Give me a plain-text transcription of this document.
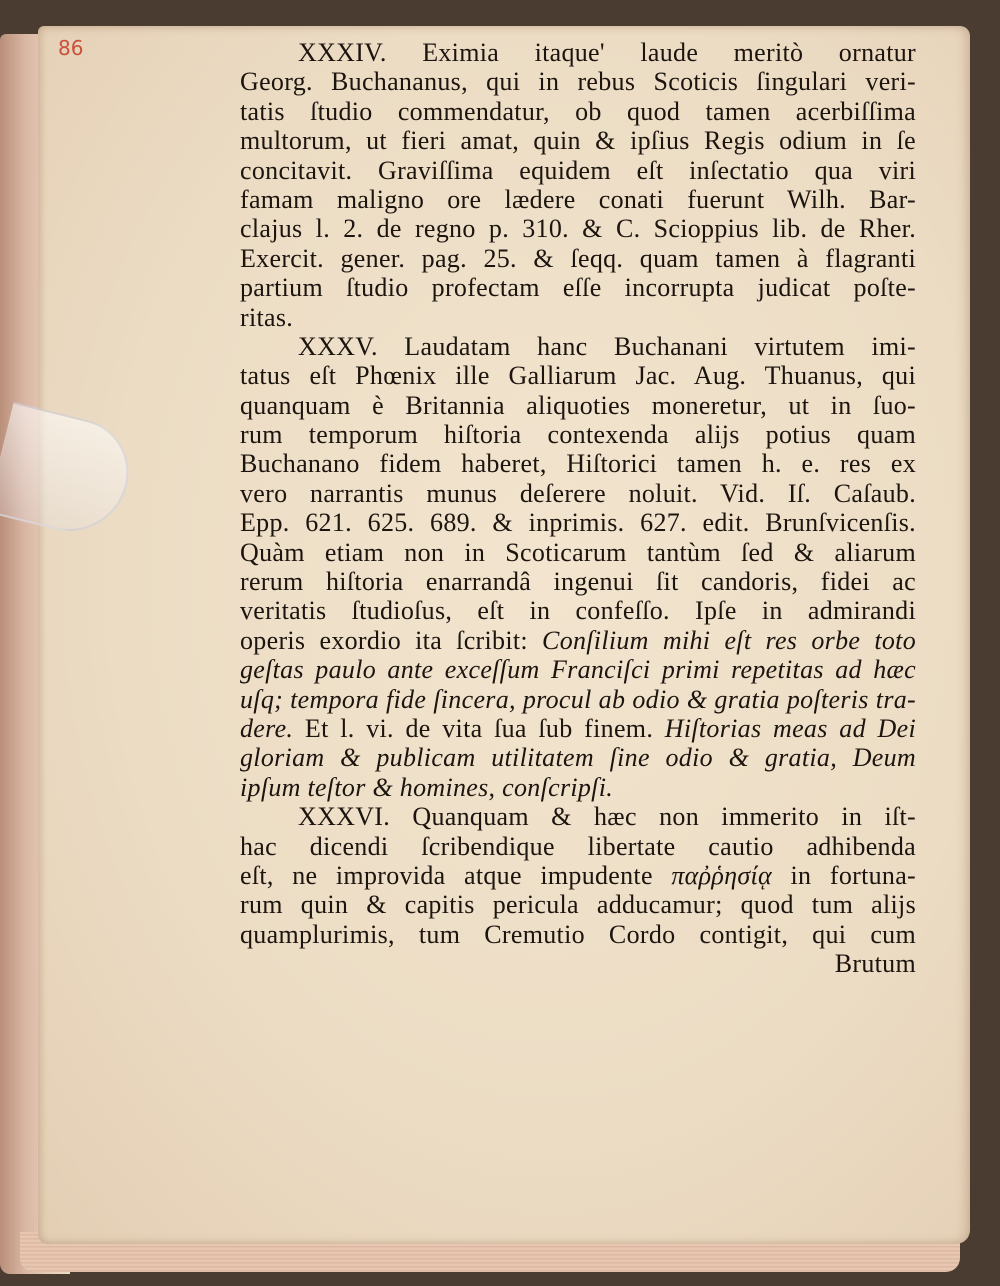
86	XXXIV. Eximia itaque' laude meritò ornatur
Georg. Buchananus, qui in rebus Scoticis ſingulari veri-
tatis ſtudio commendatur, ob quod tamen acerbiſſima
multorum, ut fieri amat, quin & ipſius Regis odium in ſe
concitavit. Graviſſima equidem eſt inſectatio qua viri
famam maligno ore lædere conati fuerunt Wilh. Bar-
clajus l. 2. de regno p. 310. & C. Scioppius lib. de Rher.
Exercit. gener. pag. 25. & ſeqq. quam tamen à flagranti
partium ſtudio profectam eſſe incorrupta judicat poſte-
ritas.
XXXV. Laudatam hanc Buchanani virtutem imi-
tatus eſt Phœnix ille Galliarum Jac. Aug. Thuanus, qui
quanquam è Britannia aliquoties moneretur, ut in ſuo-
rum temporum hiſtoria contexenda alijs potius quam
Buchanano fidem haberet, Hiſtorici tamen h. e. res ex
vero narrantis munus deſerere noluit. Vid. Iſ. Caſaub.
Epp. 621. 625. 689. & inprimis. 627. edit. Brunſvicenſis.
Quàm etiam non in Scoticarum tantùm ſed & aliarum
rerum hiſtoria enarrandâ ingenui ſit candoris, fidei ac
veritatis ſtudioſus, eſt in confeſſo. Ipſe in admirandi
operis exordio ita ſcribit: Conſilium mihi eſt res orbe toto
geſtas paulo ante exceſſum Franciſci primi repetitas ad hæc
uſq; tempora fide ſincera, procul ab odio & gratia poſteris tra-
dere. Et l. vi. de vita ſua ſub finem. Hiſtorias meas ad Dei
gloriam & publicam utilitatem ſine odio & gratia, Deum
ipſum teſtor & homines, conſcripſi.
XXXVI. Quanquam & hæc non immerito in iſt-
hac dicendi ſcribendique libertate cautio adhibenda
eſt, ne improvida atque impudente παῤῥησίᾳ in fortuna-
rum quin & capitis pericula adducamur; quod tum alijs
quamplurimis, tum Cremutio Cordo contigit, qui cum
Brutum
